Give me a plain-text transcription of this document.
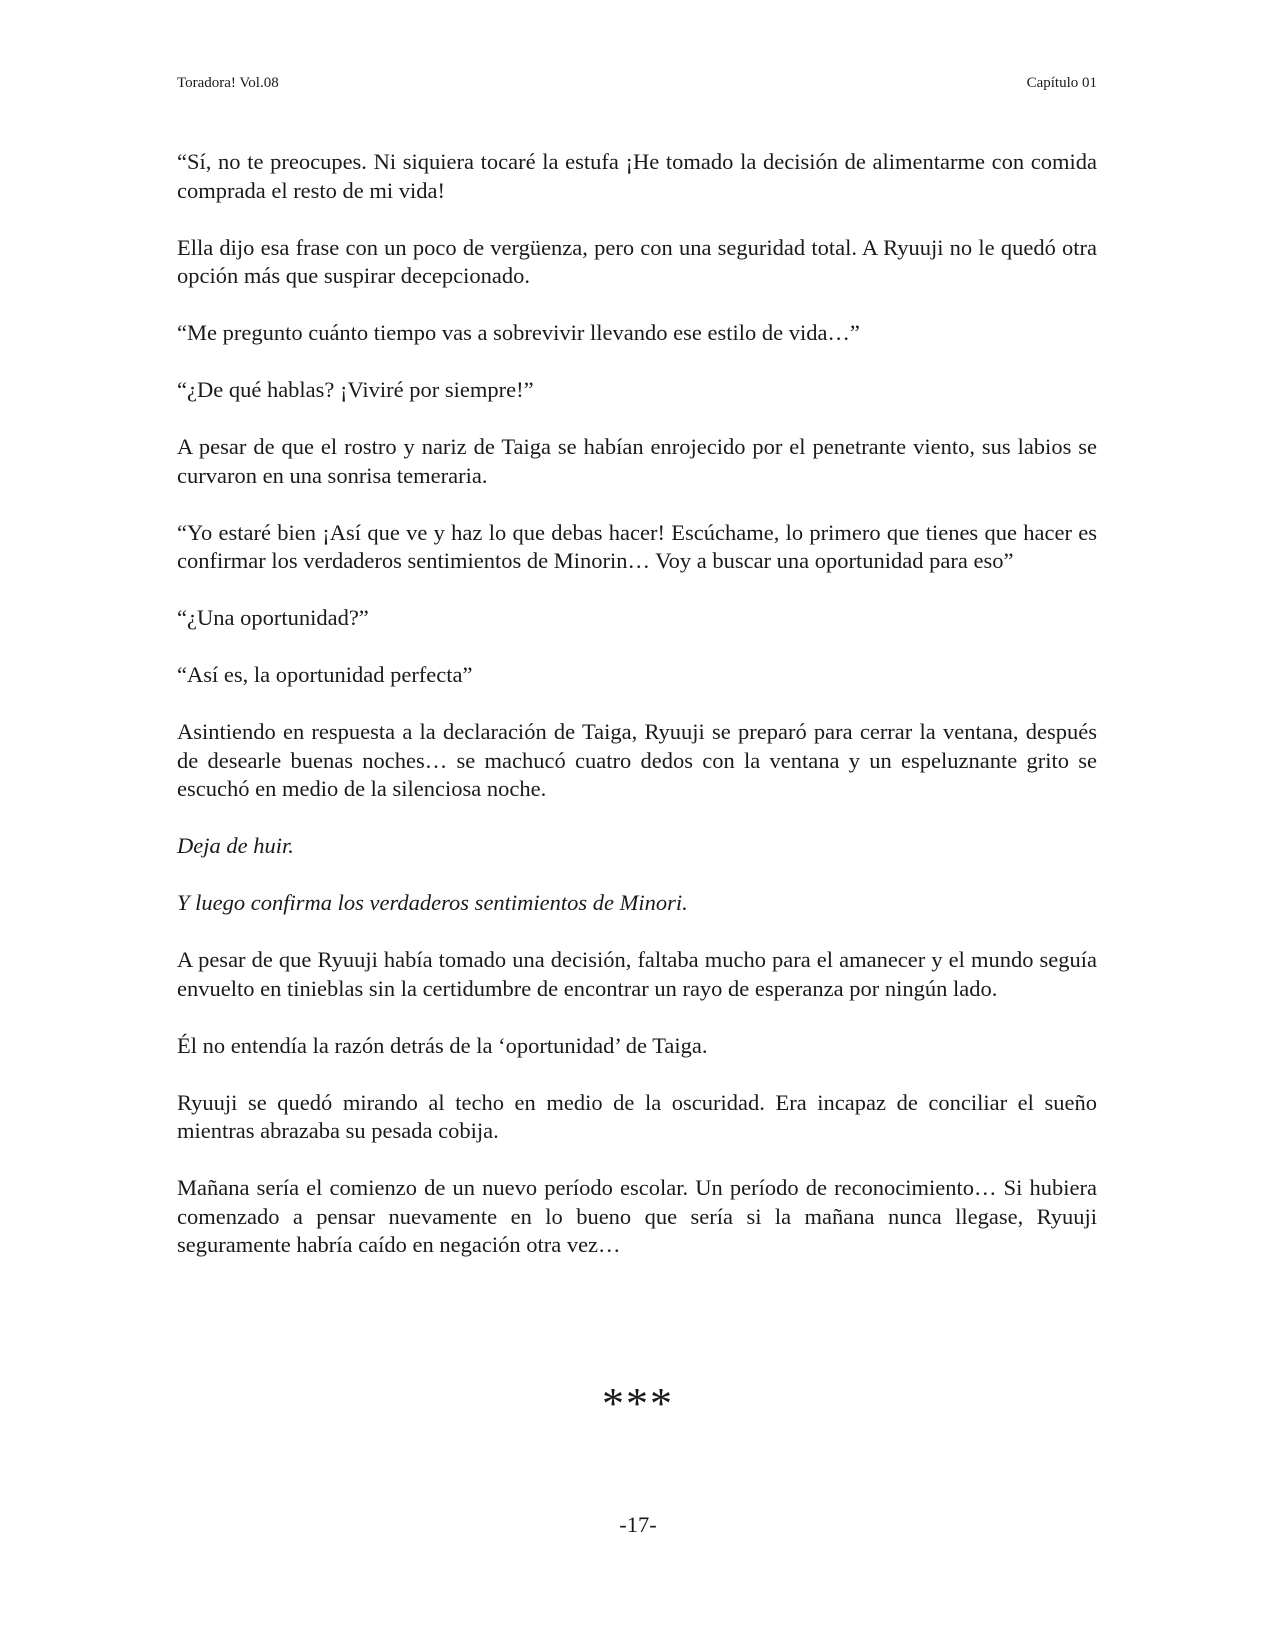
Toradora! Vol.08	Capítulo 01

“Sí, no te preocupes. Ni siquiera tocaré la estufa ¡He tomado la decisión de alimentarme con comida comprada el resto de mi vida!

Ella dijo esa frase con un poco de vergüenza, pero con una seguridad total. A Ryuuji no le quedó otra opción más que suspirar decepcionado.

“Me pregunto cuánto tiempo vas a sobrevivir llevando ese estilo de vida…”

“¿De qué hablas? ¡Viviré por siempre!”

A pesar de que el rostro y nariz de Taiga se habían enrojecido por el penetrante viento, sus labios se curvaron en una sonrisa temeraria.

“Yo estaré bien ¡Así que ve y haz lo que debas hacer! Escúchame, lo primero que tienes que hacer es confirmar los verdaderos sentimientos de Minorin… Voy a buscar una oportunidad para eso”

“¿Una oportunidad?”

“Así es, la oportunidad perfecta”

Asintiendo en respuesta a la declaración de Taiga, Ryuuji se preparó para cerrar la ventana, después de desearle buenas noches… se machucó cuatro dedos con la ventana y un espeluznante grito se escuchó en medio de la silenciosa noche.

Deja de huir.

Y luego confirma los verdaderos sentimientos de Minori.

A pesar de que Ryuuji había tomado una decisión, faltaba mucho para el amanecer y el mundo seguía envuelto en tinieblas sin la certidumbre de encontrar un rayo de esperanza por ningún lado.

Él no entendía la razón detrás de la ‘oportunidad’ de Taiga.

Ryuuji se quedó mirando al techo en medio de la oscuridad. Era incapaz de conciliar el sueño mientras abrazaba su pesada cobija.

Mañana sería el comienzo de un nuevo período escolar. Un período de reconocimiento… Si hubiera comenzado a pensar nuevamente en lo bueno que sería si la mañana nunca llegase, Ryuuji seguramente habría caído en negación otra vez…

***
-17-
